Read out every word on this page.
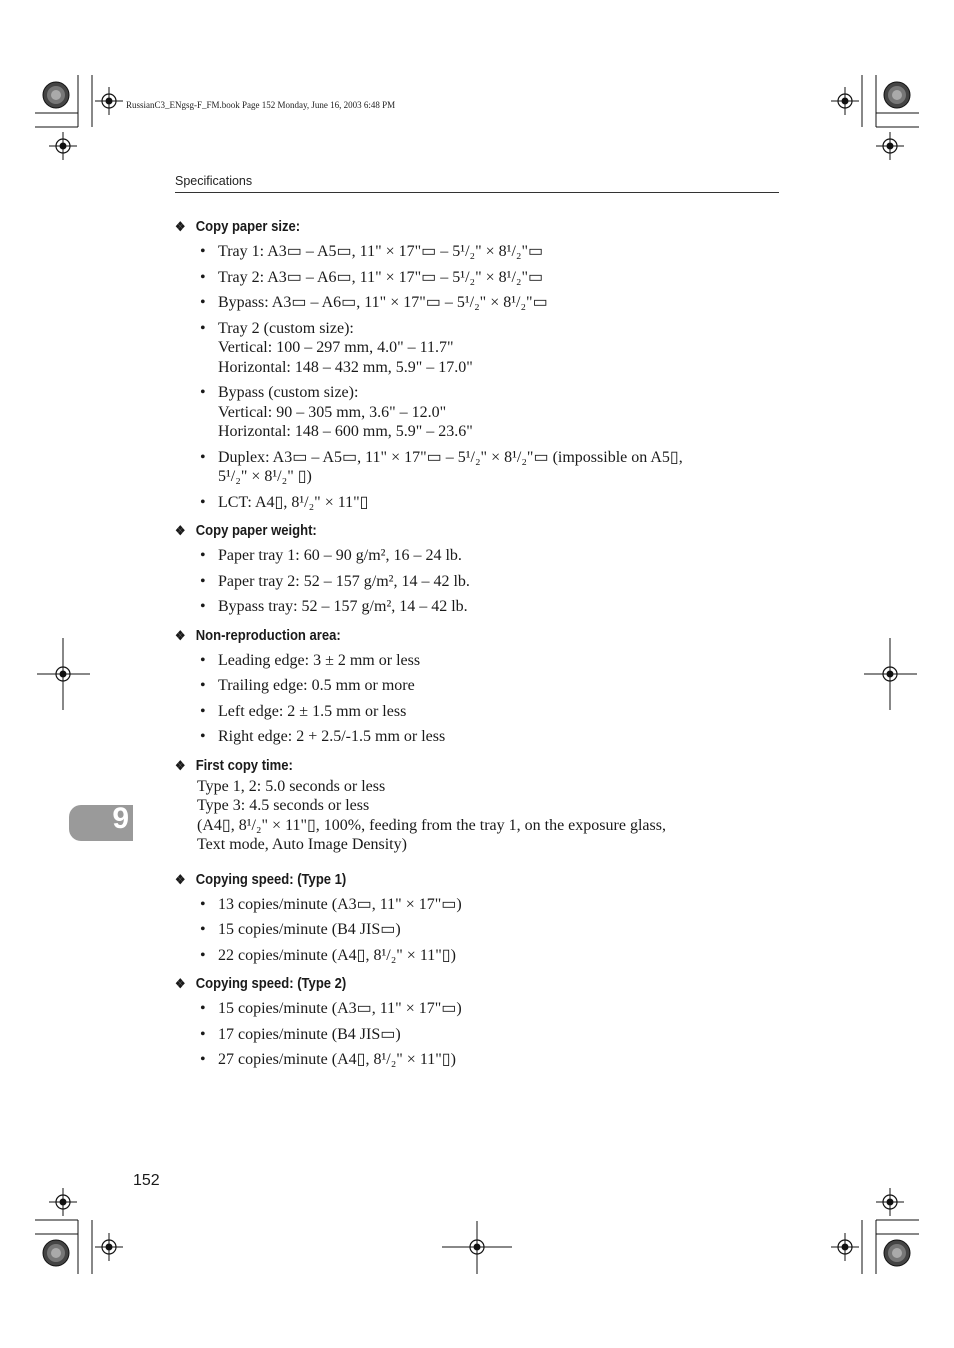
RussianC3_ENgsg-F_FM.book Page 152 Monday, June 16, 2003 6:48 PM
Specifications
❖ Copy paper size:
• Tray 1: A3▭ – A5▭, 11" × 17"▭ – 5¹/₂" × 8¹/₂"▭
• Tray 2: A3▭ – A6▭, 11" × 17"▭ – 5¹/₂" × 8¹/₂"▭
• Bypass: A3▭ – A6▭, 11" × 17"▭ – 5¹/₂" × 8¹/₂"▭
• Tray 2 (custom size):
Vertical: 100 – 297 mm, 4.0" – 11.7"
Horizontal: 148 – 432 mm, 5.9" – 17.0"
• Bypass (custom size):
Vertical: 90 – 305 mm, 3.6" – 12.0"
Horizontal: 148 – 600 mm, 5.9" – 23.6"
• Duplex: A3▭ – A5▭, 11" × 17"▭ – 5¹/₂" × 8¹/₂"▭ (impossible on A5▯,
5¹/₂" × 8¹/₂" ▯)
• LCT: A4▯, 8¹/₂" × 11"▯
❖ Copy paper weight:
• Paper tray 1: 60 – 90 g/m², 16 – 24 lb.
• Paper tray 2: 52 – 157 g/m², 14 – 42 lb.
• Bypass tray: 52 – 157 g/m², 14 – 42 lb.
❖ Non-reproduction area:
• Leading edge: 3 ± 2 mm or less
• Trailing edge: 0.5 mm or more
• Left edge: 2 ± 1.5 mm or less
• Right edge: 2 + 2.5/-1.5 mm or less
❖ First copy time:
Type 1, 2: 5.0 seconds or less
Type 3: 4.5 seconds or less
(A4▯, 8¹/₂" × 11"▯, 100%, feeding from the tray 1, on the exposure glass,
Text mode, Auto Image Density)
❖ Copying speed: (Type 1)
• 13 copies/minute (A3▭, 11" × 17"▭)
• 15 copies/minute (B4 JIS▭)
• 22 copies/minute (A4▯, 8¹/₂" × 11"▯)
❖ Copying speed: (Type 2)
• 15 copies/minute (A3▭, 11" × 17"▭)
• 17 copies/minute (B4 JIS▭)
• 27 copies/minute (A4▯, 8¹/₂" × 11"▯)
9
152
